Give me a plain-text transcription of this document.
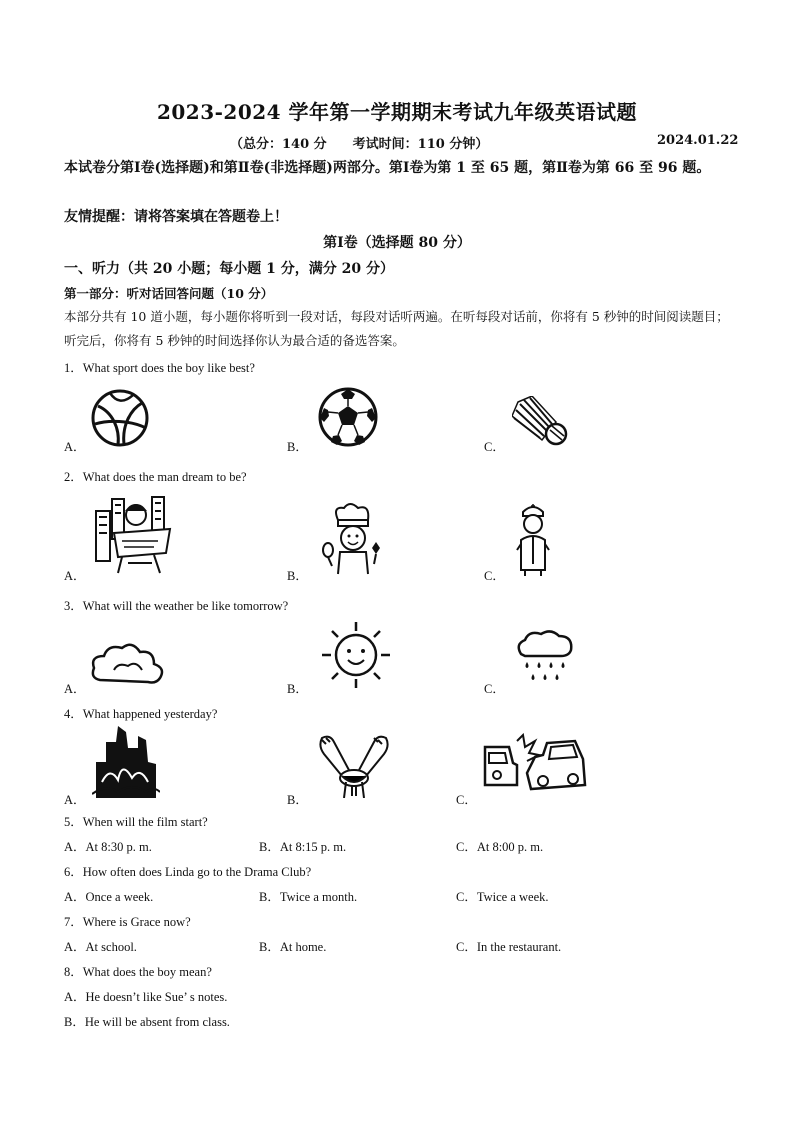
2023-2024 学年第一学期期末考试九年级英语试题
（总分：140 分　　考试时间：110 分钟）	2024.01.22
本试卷分第Ⅰ卷(选择题)和第Ⅱ卷(非选择题)两部分。第Ⅰ卷为第 1 至 65 题，第Ⅱ卷为第 66 至 96 题。
友情提醒：请将答案填在答题卷上！
第Ⅰ卷（选择题 80 分）
一、听力（共 20 小题；每小题 1 分，满分 20 分）
第一部分：听对话回答问题（10 分）
本部分共有 10 道小题，每小题你将听到一段对话，每段对话听两遍。在听每段对话前，你将有 5 秒钟的时间阅读题目；听完后，你将有 5 秒钟的时间选择你认为最合适的备选答案。
1．What sport does the boy like best?
A．	B．	C．
2．What does the man dream to be?
A．	B．	C．
3．What will the weather be like tomorrow?
A．	B．	C．
4．What happened yesterday?
A．	B．	C．
5．When will the film start?
A．At 8:30 p. m.	B．At 8:15 p. m.	C．At 8:00 p. m.
6．How often does Linda go to the Drama Club?
A．Once a week.	B．Twice a month.	C．Twice a week.
7．Where is Grace now?
A．At school.	B．At home.	C．In the restaurant.
8．What does the boy mean?
A．He doesn’t like Sue’ s notes.
B．He will be absent from class.
